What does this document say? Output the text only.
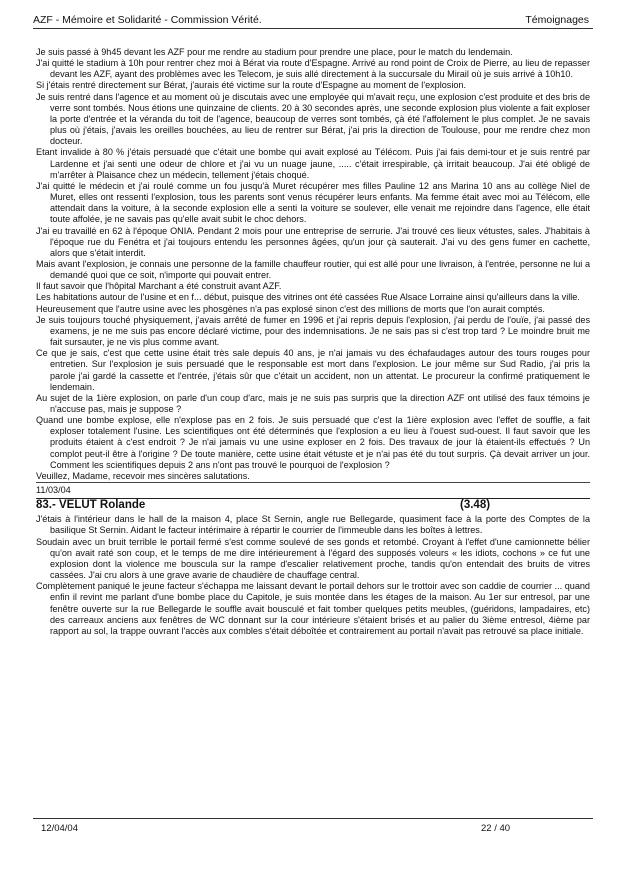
AZF - Mémoire et Solidarité - Commission Vérité.	Témoignages

Je suis passé à 9h45 devant les AZF pour me rendre au stadium pour prendre une place, pour le match du lendemain.

J'ai quitté le stadium à 10h pour rentrer chez moi à Bérat via route d'Espagne. Arrivé au rond point de Croix de Pierre, au lieu de repasser devant les AZF, ayant des problèmes avec les Telecom, je suis allé directement à la succursale du Mirail où je suis arrivé à 10h10.

Si j'étais rentré directement sur Bérat, j'aurais été victime sur la route d'Espagne au moment de l'explosion.

Je suis rentré dans l'agence et au moment où je discutais avec une employée qui m'avait reçu, une explosion c'est produite et des bris de verre sont tombés. Nous étions une quinzaine de clients. 20 à 30 secondes après, une seconde explosion plus violente a fait exploser la porte d'entrée et la véranda du toit de l'agence, beaucoup de verres sont tombés, çà été l'affolement le plus complet. Je ne savais plus où j'étais, j'avais les oreilles bouchées, au lieu de rentrer sur Bérat, j'ai pris la direction de Toulouse, pour me rendre chez mon docteur.

Etant invalide à 80 % j'étais persuadé que c'était une bombe qui avait explosé au Télécom. Puis j'ai fais demi-tour et je suis rentré par Lardenne et j'ai senti une odeur de chlore et j'ai vu un nuage jaune, ..... c'était irrespirable, çà irritait beaucoup. J'ai été obligé de m'arrêter à Plaisance chez un médecin, tellement j'étais choqué.

J'ai quitté le médecin et j'ai roulé comme un fou jusqu'à Muret récupérer mes filles Pauline 12 ans Marina 10 ans au collège Niel de Muret, elles ont ressenti l'explosion, tous les parents sont venus récupérer leurs enfants. Ma femme était avec moi au Télécom, elle attendait dans la voiture, à la seconde explosion elle a senti la voiture se soulever, elle venait me rejoindre dans l'agence, elle était toute affolée, je ne savais pas qu'elle avait subit le choc dehors.

J'ai eu travaillé en 62 à l'époque ONIA. Pendant 2 mois pour une entreprise de serrurie. J'ai trouvé ces lieux vétustes, sales. J'habitais à l'époque rue du Fenétra et j'ai toujours entendu les personnes âgées, qu'un jour çà sauterait. J'ai vu des gens fumer en cachette, alors que s'était interdit.

Mais avant l'explosion, je connais une personne de la famille chauffeur routier, qui est allé pour une livraison, à l'entrée, personne ne lui a demandé quoi que ce soit, n'importe qui pouvait entrer.

Il faut savoir que l'hôpital Marchant a été construit avant AZF.

Les habitations autour de l'usine et en f... début, puisque des vitrines ont été cassées Rue Alsace Lorraine ainsi qu'ailleurs dans la ville.

Heureusement que l'autre usine avec les phosgènes n'a pas explosé sinon c'est des millions de morts que l'on aurait comptés.

Je suis toujours touché physiquement, j'avais arrêté de fumer en 1996 et j'ai repris depuis l'explosion, j'ai perdu de l'ouïe, j'ai passé des examens, je ne me suis pas encore déclaré victime, pour des indemnisations. Je ne sais pas si c'est trop tard ? Le moindre bruit me fait sursauter, je ne vis plus comme avant.

Ce que je sais, c'est que cette usine était très sale depuis 40 ans, je n'ai jamais vu des échafaudages autour des tours rouges pour entretien. Sur l'explosion je suis persuadé que le responsable est mort dans l'explosion. Le jour même sur Sud Radio, j'ai pris la parole j'ai gardé la cassette et l'entrée, j'étais sûr que c'était un accident, non un attentat. Le procureur la confirmé pratiquement le lendemain.

Au sujet de la 1ière explosion, on parle d'un coup d'arc, mais je ne suis pas surpris que la direction AZF ont utilisé des faux témoins je n'accuse pas, mais je suppose ?

Quand une bombe explose, elle n'explose pas en 2 fois. Je suis persuadé que c'est la 1ière explosion avec l'effet de souffle, a fait exploser totalement l'usine. Les scientifiques ont été déterminés que l'explosion a eu lieu à l'ouest sud-ouest. Il faut savoir que les produits étaient à c'est endroit ? Je n'ai jamais vu une usine exploser en 2 fois. Des travaux de jour là étaient-ils effectués ? Un complot peut-il être à l'origine ? De toute manière, cette usine était vétuste et je n'ai pas été du tout surpris. Çà devait arriver un jour. Comment les scientifiques depuis 2 ans n'ont pas trouvé le pourquoi de l'explosion ?

Veuillez, Madame, recevoir mes sincères salutations.

11/03/04

83.- VELUT Rolande	(3.48)

J'étais à l'intérieur dans le hall de la maison 4, place St Sernin, angle rue Bellegarde, quasiment face à la porte des Comptes de la basilique St Sernin. Aidant le facteur intérimaire à répartir le courrier de l'immeuble dans les boîtes à lettres.

Soudain avec un bruit terrible le portail fermé s'est comme soulevé de ses gonds et retombé. Croyant à l'effet d'une camionnette bélier qu'on avait raté son coup, et le temps de me dire intérieurement à l'égard des supposés voleurs « les idiots, cochons » ce fut une explosion dont la violence me bouscula sur la rampe d'escalier relativement proche, tandis qu'on entendait des bruits de vitres cassées. J'ai cru alors à une grave avarie de chaudière de chauffage central.

Complètement paniqué le jeune facteur s'échappa me laissant devant le portail dehors sur le trottoir avec son caddie de courrier ... quand enfin il revint me parlant d'une bombe place du Capitole, je suis montée dans les étages de la maison. Au 1er sur entresol, par une fenêtre ouverte sur la rue Bellegarde le souffle avait bousculé et fait tomber quelques petits meubles, (guéridons, lampadaires, etc) des carreaux anciens aux fenêtres de WC donnant sur la cour intérieure s'étaient brisés et au palier du 3ième entresol, 4ième par rapport au sol, la trappe ouvrant l'accès aux combles s'était déboîtée et contrairement au portail n'avait pas retrouvé sa place initiale.

12/04/04	22 / 40
